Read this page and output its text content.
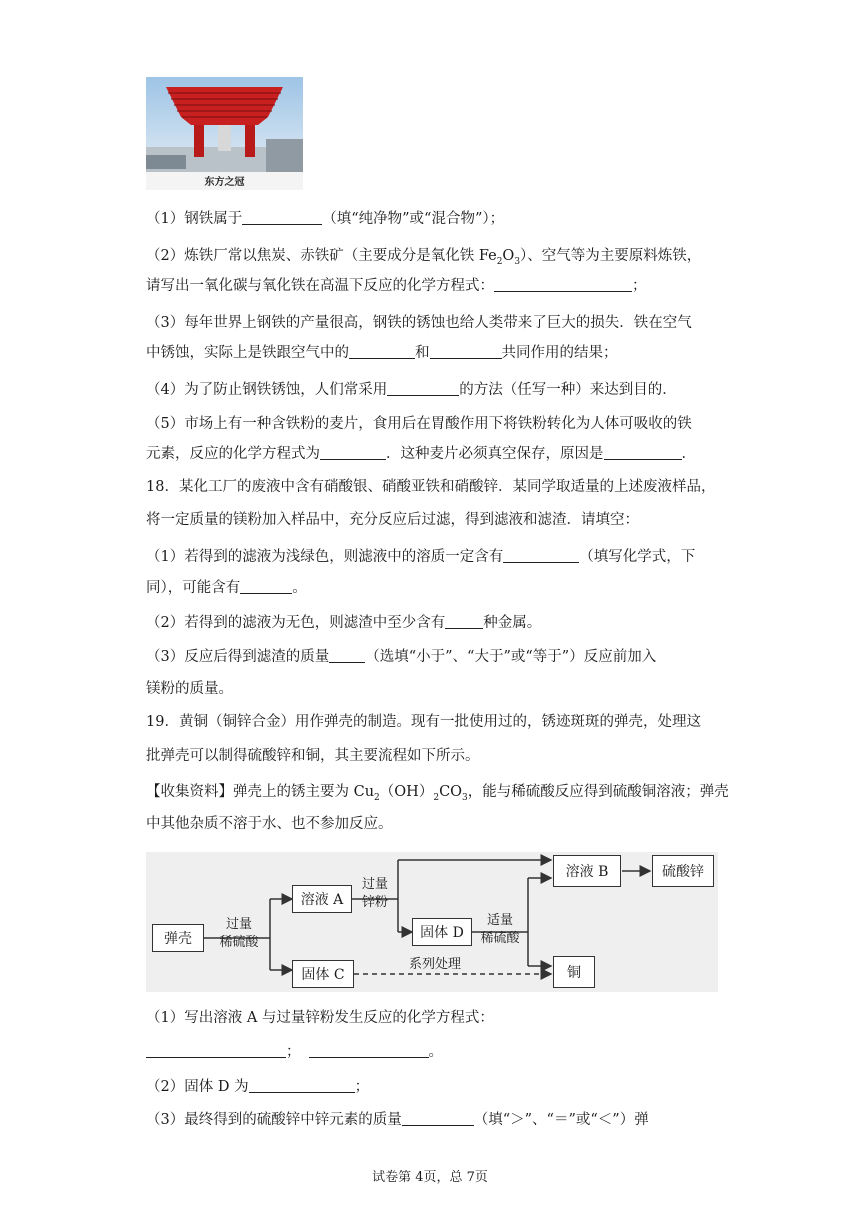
东方之冠
（1）钢铁属于	（填“纯净物”或“混合物”）；
（2）炼铁厂常以焦炭、赤铁矿（主要成分是氧化铁 $Fe_2O_3$）、空气等为主要原料炼铁，
请写出一氧化碳与氧化铁在高温下反应的化学方程式：	；
（3）每年世界上钢铁的产量很高，钢铁的锈蚀也给人类带来了巨大的损失．铁在空气
中锈蚀，实际上是铁跟空气中的	和	共同作用的结果；
（4）为了防止钢铁锈蚀，人们常采用	的方法（任写一种）来达到目的．
（5）市场上有一种含铁粉的麦片，食用后在胃酸作用下将铁粉转化为人体可吸收的铁
元素，反应的化学方程式为	．这种麦片必须真空保存，原因是	．
18．某化工厂的废液中含有硝酸银、硝酸亚铁和硝酸锌．某同学取适量的上述废液样品，
将一定质量的镁粉加入样品中，充分反应后过滤，得到滤液和滤渣．请填空：
（1）若得到的滤液为浅绿色，则滤液中的溶质一定含有	（填写化学式，下
同），可能含有	。
（2）若得到的滤液为无色，则滤渣中至少含有	种金属。
（3）反应后得到滤渣的质量 （选填“小于”、“大于”或“等于”）反应前加入
镁粉的质量。
19．黄铜（铜锌合金）用作弹壳的制造。现有一批使用过的，锈迹斑斑的弹壳，处理这
批弹壳可以制得硫酸锌和铜，其主要流程如下所示。
【收集资料】弹壳上的锈主要为 $Cu_2(OH)_2CO_3$，能与稀硫酸反应得到硫酸铜溶液；弹壳
中其他杂质不溶于水、也不参加反应。
弹壳
过量
稀硫酸
溶液 A
过量
锌粉
固体 D
适量
稀硫酸
溶液 B	硫酸锌
固体 C
系列处理
铜
（1）写出溶液 A 与过量锌粉发生反应的化学方程式：
；	。
（2）固体 D 为	；
（3）最终得到的硫酸锌中锌元素的质量	（填“＞”、“＝”或“＜”）弹
试卷第 4页，总 7页
